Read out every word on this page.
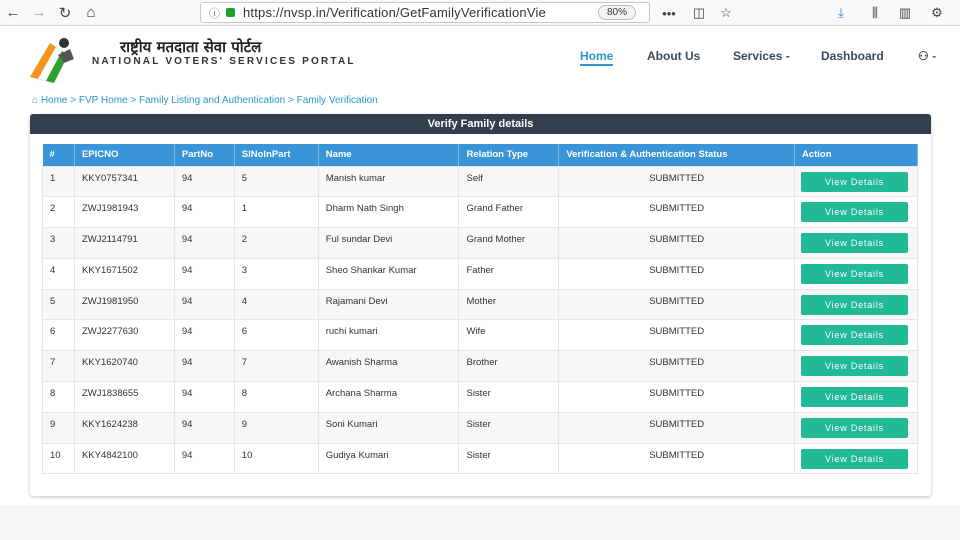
← → ↻	⌂	ⓘ https://nvsp.in/Verification/GetFamilyVerificationVie	80%	•••	◫	☆	⤓	⫼	▥	⚙
राष्ट्रीय मतदाता सेवा पोर्टल
NATIONAL VOTERS' SERVICES PORTAL	Home	About Us	Services -	Dashboard	⚇ -
⌂ Home > FVP Home > Family Listing and Authentication > Family Verification
Verify Family details
#	EPICNO	PartNo	SlNoInPart	Name	Relation Type	Verification & Authentication Status	Action
1	KKY0757341	94	5	Manish kumar	Self	SUBMITTED	View Details
2	ZWJ1981943	94	1	Dharm Nath Singh	Grand Father	SUBMITTED	View Details
3	ZWJ2114791	94	2	Ful sundar Devi	Grand Mother	SUBMITTED	View Details
4	KKY1671502	94	3	Sheo Shankar Kumar	Father	SUBMITTED	View Details
5	ZWJ1981950	94	4	Rajamani Devi	Mother	SUBMITTED	View Details
6	ZWJ2277630	94	6	ruchi kumari	Wife	SUBMITTED	View Details
7	KKY1620740	94	7	Awanish Sharma	Brother	SUBMITTED	View Details
8	ZWJ1838655	94	8	Archana Sharma	Sister	SUBMITTED	View Details
9	KKY1624238	94	9	Soni Kumari	Sister	SUBMITTED	View Details
10	KKY4842100	94	10	Gudiya Kumari	Sister	SUBMITTED	View Details
